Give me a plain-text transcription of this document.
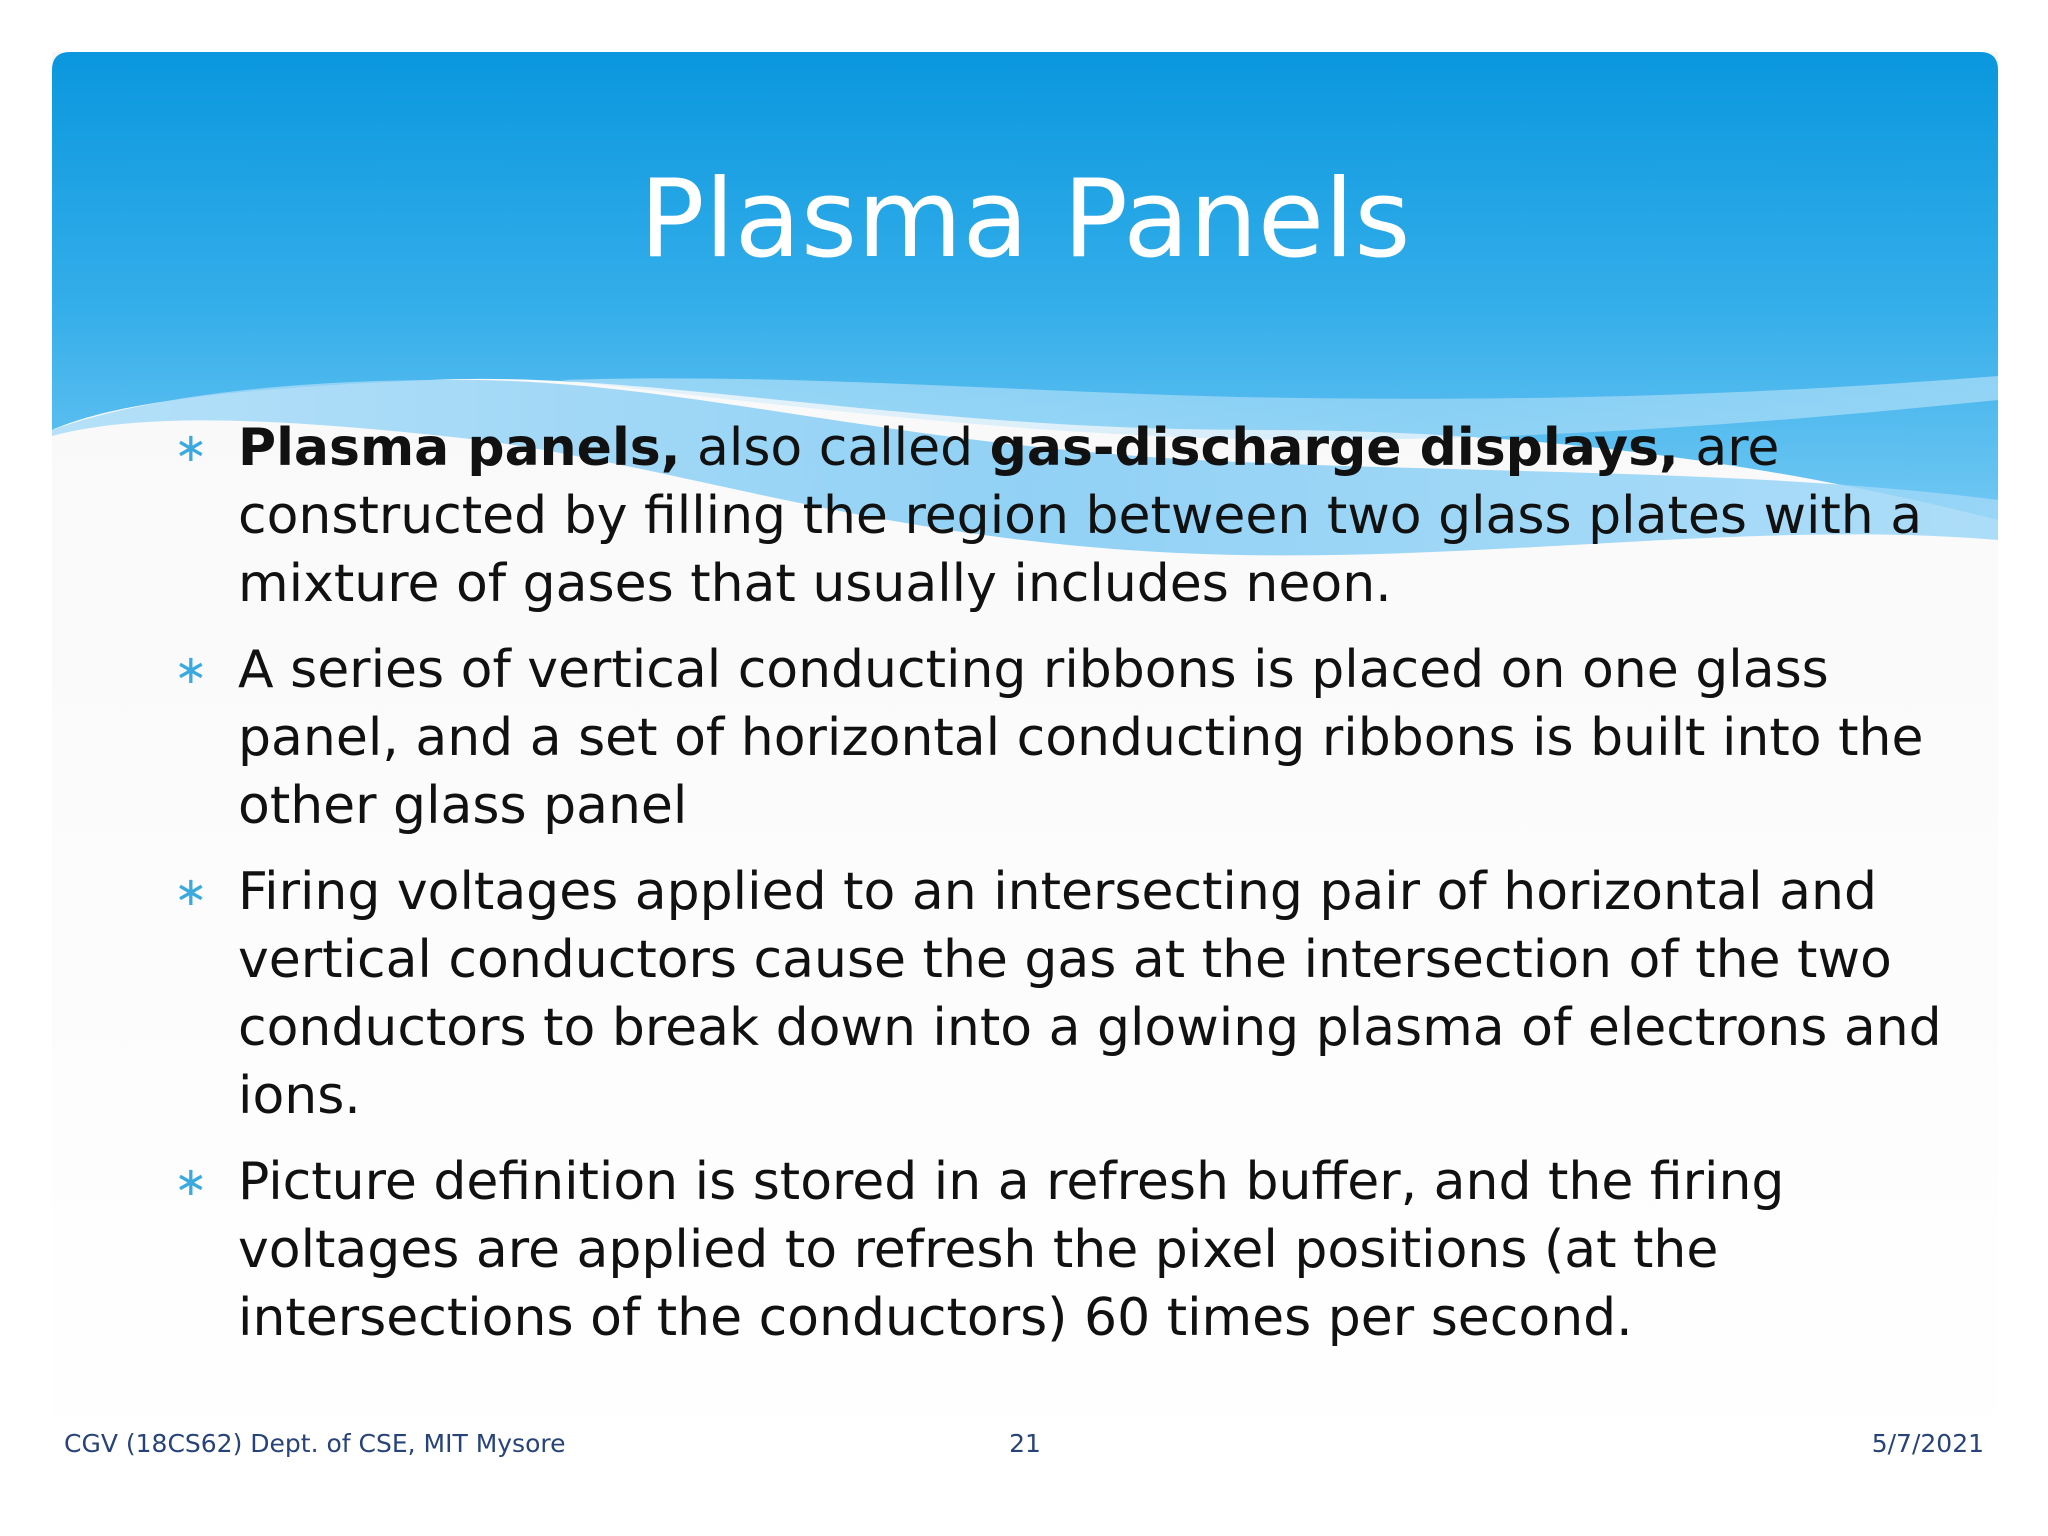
Plasma Panels
∗ Plasma panels, also called gas-discharge displays, are constructed by filling the region between two glass plates with a mixture of gases that usually includes neon.
∗ A series of vertical conducting ribbons is placed on one glass panel, and a set of horizontal conducting ribbons is built into the other glass panel
∗ Firing voltages applied to an intersecting pair of horizontal and vertical conductors cause the gas at the intersection of the two conductors to break down into a glowing plasma of electrons and ions.
∗ Picture definition is stored in a refresh buffer, and the firing voltages are applied to refresh the pixel positions (at the intersections of the conductors) 60 times per second.
CGV (18CS62) Dept. of CSE, MIT Mysore	21	5/7/2021
